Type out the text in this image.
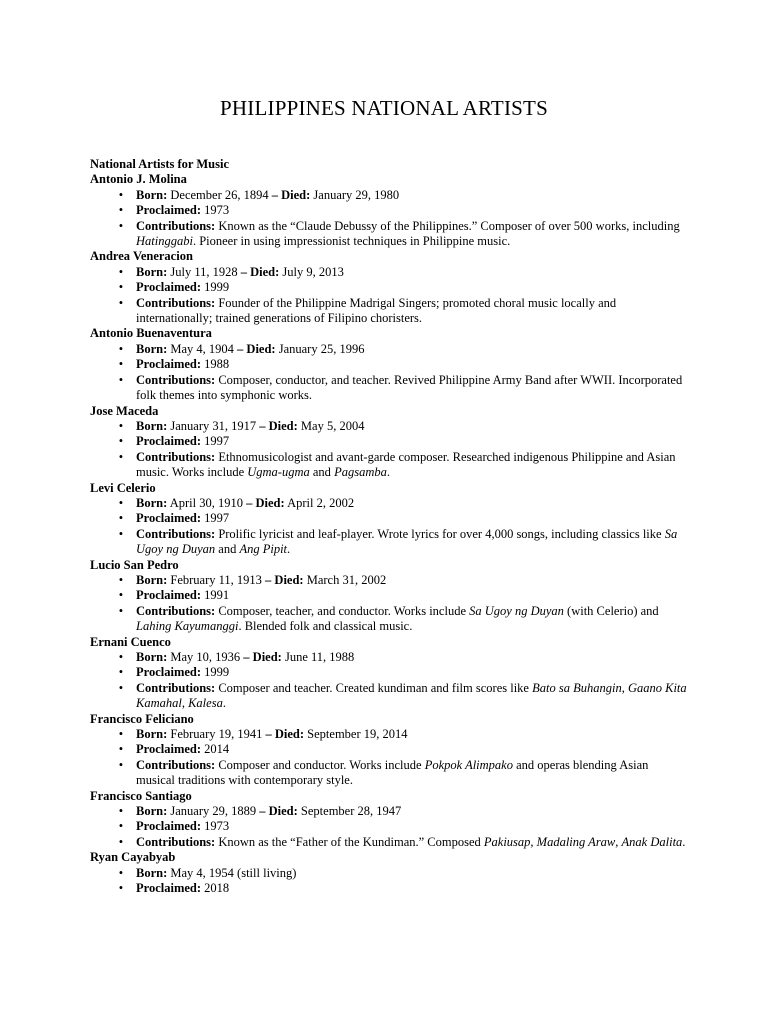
PHILIPPINES NATIONAL ARTISTS

National Artists for Music

Antonio J. Molina

• Born: December 26, 1894 – Died: January 29, 1980
• Proclaimed: 1973
• Contributions: Known as the “Claude Debussy of the Philippines.” Composer of over 500 works, including Hatinggabi. Pioneer in using impressionist techniques in Philippine music.

Andrea Veneracion

• Born: July 11, 1928 – Died: July 9, 2013
• Proclaimed: 1999
• Contributions: Founder of the Philippine Madrigal Singers; promoted choral music locally and internationally; trained generations of Filipino choristers.

Antonio Buenaventura

• Born: May 4, 1904 – Died: January 25, 1996
• Proclaimed: 1988
• Contributions: Composer, conductor, and teacher. Revived Philippine Army Band after WWII. Incorporated folk themes into symphonic works.

Jose Maceda

• Born: January 31, 1917 – Died: May 5, 2004
• Proclaimed: 1997
• Contributions: Ethnomusicologist and avant-garde composer. Researched indigenous Philippine and Asian music. Works include Ugma-ugma and Pagsamba.

Levi Celerio

• Born: April 30, 1910 – Died: April 2, 2002
• Proclaimed: 1997
• Contributions: Prolific lyricist and leaf-player. Wrote lyrics for over 4,000 songs, including classics like Sa Ugoy ng Duyan and Ang Pipit.

Lucio San Pedro

• Born: February 11, 1913 – Died: March 31, 2002
• Proclaimed: 1991
• Contributions: Composer, teacher, and conductor. Works include Sa Ugoy ng Duyan (with Celerio) and Lahing Kayumanggi. Blended folk and classical music.

Ernani Cuenco

• Born: May 10, 1936 – Died: June 11, 1988
• Proclaimed: 1999
• Contributions: Composer and teacher. Created kundiman and film scores like Bato sa Buhangin, Gaano Kita Kamahal, Kalesa.

Francisco Feliciano

• Born: February 19, 1941 – Died: September 19, 2014
• Proclaimed: 2014
• Contributions: Composer and conductor. Works include Pokpok Alimpako and operas blending Asian musical traditions with contemporary style.

Francisco Santiago

• Born: January 29, 1889 – Died: September 28, 1947
• Proclaimed: 1973
• Contributions: Known as the “Father of the Kundiman.” Composed Pakiusap, Madaling Araw, Anak Dalita.

Ryan Cayabyab

• Born: May 4, 1954 (still living)
• Proclaimed: 2018
